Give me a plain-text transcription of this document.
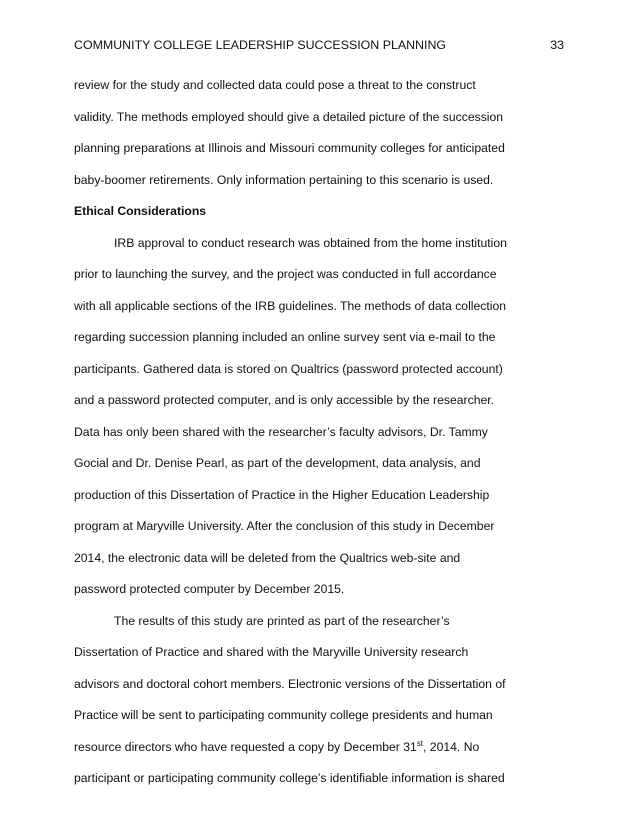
COMMUNITY COLLEGE LEADERSHIP SUCCESSION PLANNING	33
review for the study and collected data could pose a threat to the construct
validity. The methods employed should give a detailed picture of the succession
planning preparations at Illinois and Missouri community colleges for anticipated
baby-boomer retirements. Only information pertaining to this scenario is used.
Ethical Considerations
IRB approval to conduct research was obtained from the home institution
prior to launching the survey, and the project was conducted in full accordance
with all applicable sections of the IRB guidelines. The methods of data collection
regarding succession planning included an online survey sent via e-mail to the
participants. Gathered data is stored on Qualtrics (password protected account)
and a password protected computer, and is only accessible by the researcher.
Data has only been shared with the researcher’s faculty advisors, Dr. Tammy
Gocial and Dr. Denise Pearl, as part of the development, data analysis, and
production of this Dissertation of Practice in the Higher Education Leadership
program at Maryville University. After the conclusion of this study in December
2014, the electronic data will be deleted from the Qualtrics web-site and
password protected computer by December 2015.
The results of this study are printed as part of the researcher’s
Dissertation of Practice and shared with the Maryville University research
advisors and doctoral cohort members. Electronic versions of the Dissertation of
Practice will be sent to participating community college presidents and human
resource directors who have requested a copy by December 31st, 2014. No
participant or participating community college’s identifiable information is shared
